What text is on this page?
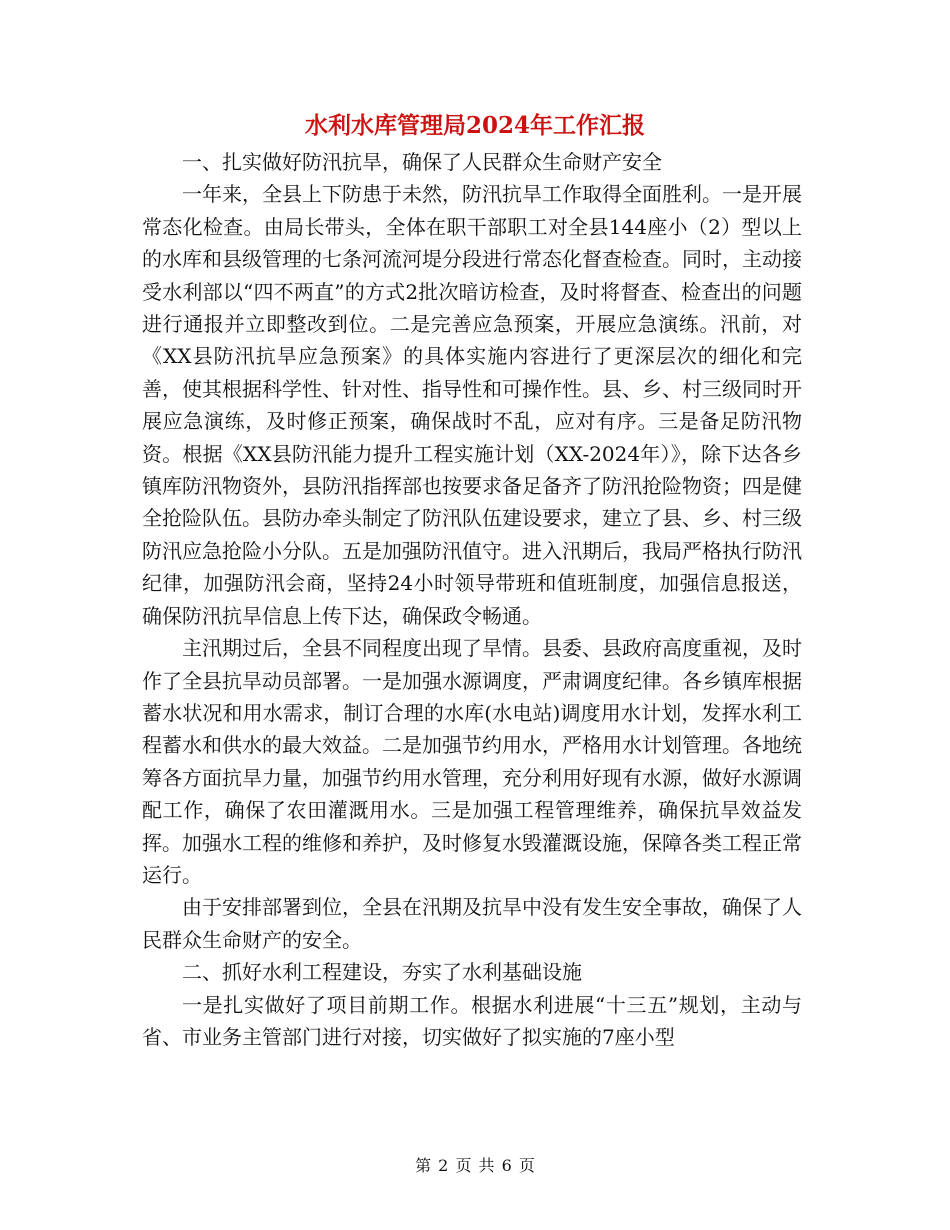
水利水库管理局2024年工作汇报

一、扎实做好防汛抗旱，确保了人民群众生命财产安全

一年来，全县上下防患于未然，防汛抗旱工作取得全面胜利。一是开展常态化检查。由局长带头，全体在职干部职工对全县144座小（2）型以上的水库和县级管理的七条河流河堤分段进行常态化督查检查。同时，主动接受水利部以“四不两直”的方式2批次暗访检查，及时将督查、检查出的问题进行通报并立即整改到位。二是完善应急预案，开展应急演练。汛前，对《XX县防汛抗旱应急预案》的具体实施内容进行了更深层次的细化和完善，使其根据科学性、针对性、指导性和可操作性。县、乡、村三级同时开展应急演练，及时修正预案，确保战时不乱，应对有序。三是备足防汛物资。根据《XX县防汛能力提升工程实施计划（XX-2024年）》，除下达各乡镇库防汛物资外，县防汛指挥部也按要求备足备齐了防汛抢险物资；四是健全抢险队伍。县防办牵头制定了防汛队伍建设要求，建立了县、乡、村三级防汛应急抢险小分队。五是加强防汛值守。进入汛期后，我局严格执行防汛纪律，加强防汛会商，坚持24小时领导带班和值班制度，加强信息报送，确保防汛抗旱信息上传下达，确保政令畅通。

主汛期过后，全县不同程度出现了旱情。县委、县政府高度重视，及时作了全县抗旱动员部署。一是加强水源调度，严肃调度纪律。各乡镇库根据蓄水状况和用水需求，制订合理的水库(水电站)调度用水计划，发挥水利工程蓄水和供水的最大效益。二是加强节约用水，严格用水计划管理。各地统筹各方面抗旱力量，加强节约用水管理，充分利用好现有水源，做好水源调配工作，确保了农田灌溉用水。三是加强工程管理维养，确保抗旱效益发挥。加强水工程的维修和养护，及时修复水毁灌溉设施，保障各类工程正常运行。

由于安排部署到位，全县在汛期及抗旱中没有发生安全事故，确保了人民群众生命财产的安全。

二、抓好水利工程建设，夯实了水利基础设施

一是扎实做好了项目前期工作。根据水利进展“十三五”规划，主动与省、市业务主管部门进行对接，切实做好了拟实施的7座小型

第 2 页 共 6 页
